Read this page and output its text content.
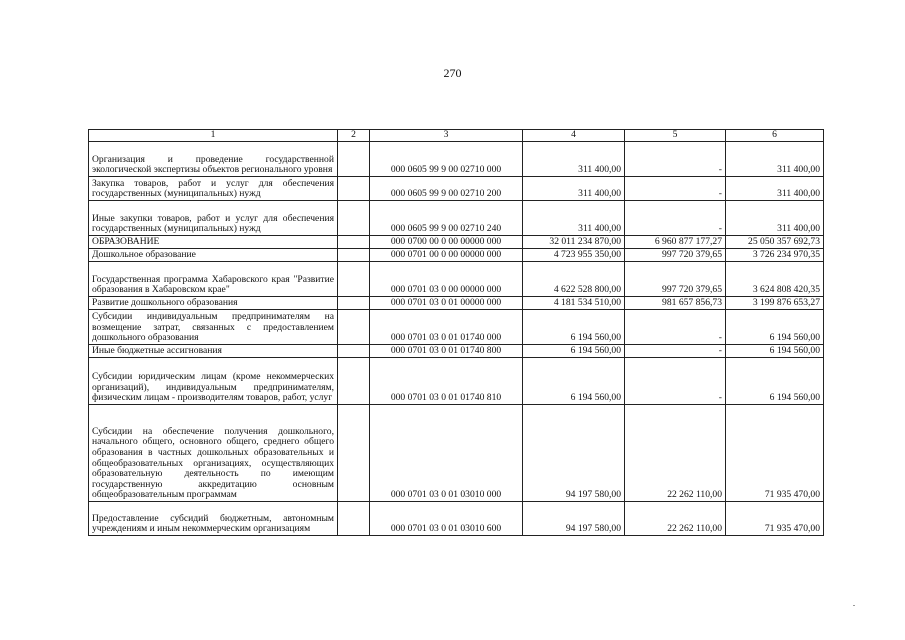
270
1	2	3	4	5	6
Организация и проведение государственной экологической экспертизы объектов регионального уровня		000 0605 99 9 00 02710 000	311 400,00	-	311 400,00
Закупка товаров, работ и услуг для обеспечения государственных (муниципальных) нужд		000 0605 99 9 00 02710 200	311 400,00	-	311 400,00
Иные закупки товаров, работ и услуг для обеспечения государственных (муниципальных) нужд		000 0605 99 9 00 02710 240	311 400,00	-	311 400,00
ОБРАЗОВАНИЕ		000 0700 00 0 00 00000 000	32 011 234 870,00	6 960 877 177,27	25 050 357 692,73
Дошкольное образование		000 0701 00 0 00 00000 000	4 723 955 350,00	997 720 379,65	3 726 234 970,35
Государственная программа Хабаровского края "Развитие образования в Хабаровском крае"		000 0701 03 0 00 00000 000	4 622 528 800,00	997 720 379,65	3 624 808 420,35
Развитие дошкольного образования		000 0701 03 0 01 00000 000	4 181 534 510,00	981 657 856,73	3 199 876 653,27
Субсидии индивидуальным предпринимателям на возмещение затрат, связанных с предоставлением дошкольного образования		000 0701 03 0 01 01740 000	6 194 560,00	-	6 194 560,00
Иные бюджетные ассигнования		000 0701 03 0 01 01740 800	6 194 560,00	-	6 194 560,00
Субсидии юридическим лицам (кроме некоммерческих организаций), индивидуальным предпринимателям, физическим лицам - производителям товаров, работ, услуг		000 0701 03 0 01 01740 810	6 194 560,00	-	6 194 560,00
Субсидии на обеспечение получения дошкольного, начального общего, основного общего, среднего общего образования в частных дошкольных образовательных и общеобразовательных организациях, осуществляющих образовательную деятельность по имеющим государственную аккредитацию основным общеобразовательным программам		000 0701 03 0 01 03010 000	94 197 580,00	22 262 110,00	71 935 470,00
Предоставление субсидий бюджетным, автономным учреждениям и иным некоммерческим организациям		000 0701 03 0 01 03010 600	94 197 580,00	22 262 110,00	71 935 470,00
